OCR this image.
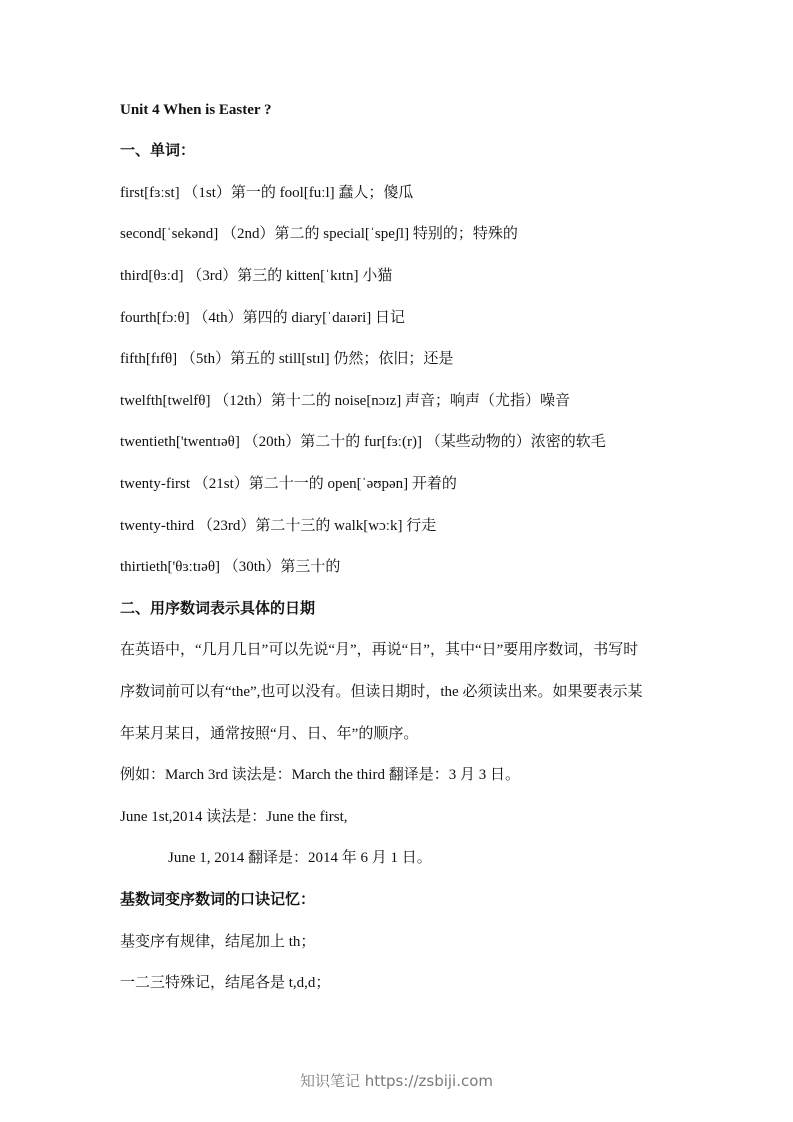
Unit 4 When is Easter ?
一、单词：
first[fɜːst] （1st）第一的 fool[fuːl] 蠢人；傻瓜
second[ˈsekənd] （2nd）第二的 special[ˈspeʃl] 特别的；特殊的
third[θɜːd] （3rd）第三的 kitten[ˈkɪtn] 小猫
fourth[fɔːθ] （4th）第四的 diary[ˈdaɪəri] 日记
fifth[fɪfθ] （5th）第五的 still[stɪl] 仍然；依旧；还是
twelfth[twelfθ] （12th）第十二的 noise[nɔɪz] 声音；响声（尤指）噪音
twentieth['twentɪəθ] （20th）第二十的 fur[fɜː(r)] （某些动物的）浓密的软毛
twenty-first （21st）第二十一的 open[ˈəʊpən] 开着的
twenty-third （23rd）第二十三的 walk[wɔːk] 行走
thirtieth['θɜːtɪəθ] （30th）第三十的
二、用序数词表示具体的日期
在英语中，“几月几日”可以先说“月”，再说“日”，其中“日”要用序数词，书写时
序数词前可以有“the”,也可以没有。但读日期时，the 必须读出来。如果要表示某
年某月某日，通常按照“月、日、年”的顺序。
例如：March 3rd 读法是：March the third 翻译是：3 月 3 日。
June 1st,2014 读法是：June the first,
June 1, 2014 翻译是：2014 年 6 月 1 日。
基数词变序数词的口诀记忆：
基变序有规律，结尾加上 th；
一二三特殊记，结尾各是 t,d,d；
知识笔记 https://zsbiji.com
